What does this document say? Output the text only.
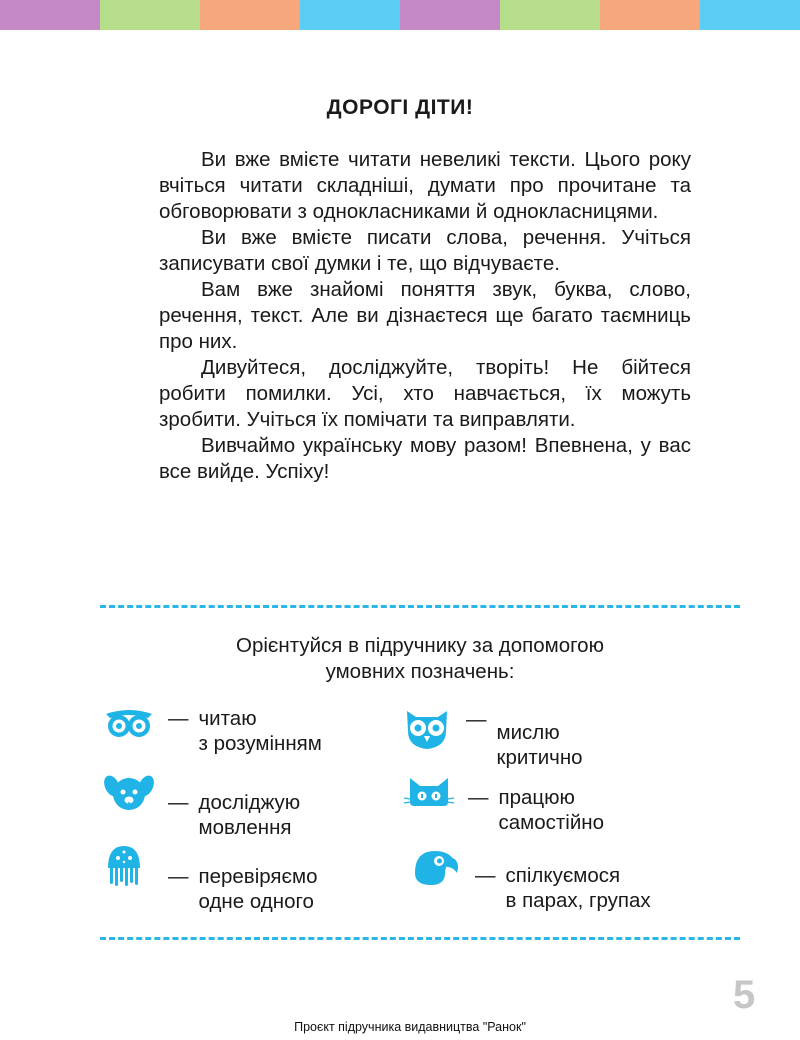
ДОРОГІ ДІТИ!

Ви вже вмієте читати невеликі тексти. Цього року вчіться читати складніші, думати про прочитане та обговорювати з однокласниками й однокласницями.

Ви вже вмієте писати слова, речення. Учіться записувати свої думки і те, що відчуваєте.

Вам вже знайомі поняття звук, буква, слово, речення, текст. Але ви дізнаєтеся ще багато таємниць про них.

Дивуйтеся, досліджуйте, творіть! Не бійтеся робити помилки. Усі, хто навчається, їх можуть зробити. Учіться їх помічати та виправляти.

Вивчаймо українську мову разом! Впевнена, у вас все вийде. Успіху!

Орієнтуйся в підручнику за допомогою
умовних позначень:
— читаю
з розумінням
—
мислю
критично
— досліджую
мовлення
— працюю
самостійно
— перевіряємо
одне одного
— спілкуємося
в парах, групах
5
Проєкт підручника видавництва "Ранок"
